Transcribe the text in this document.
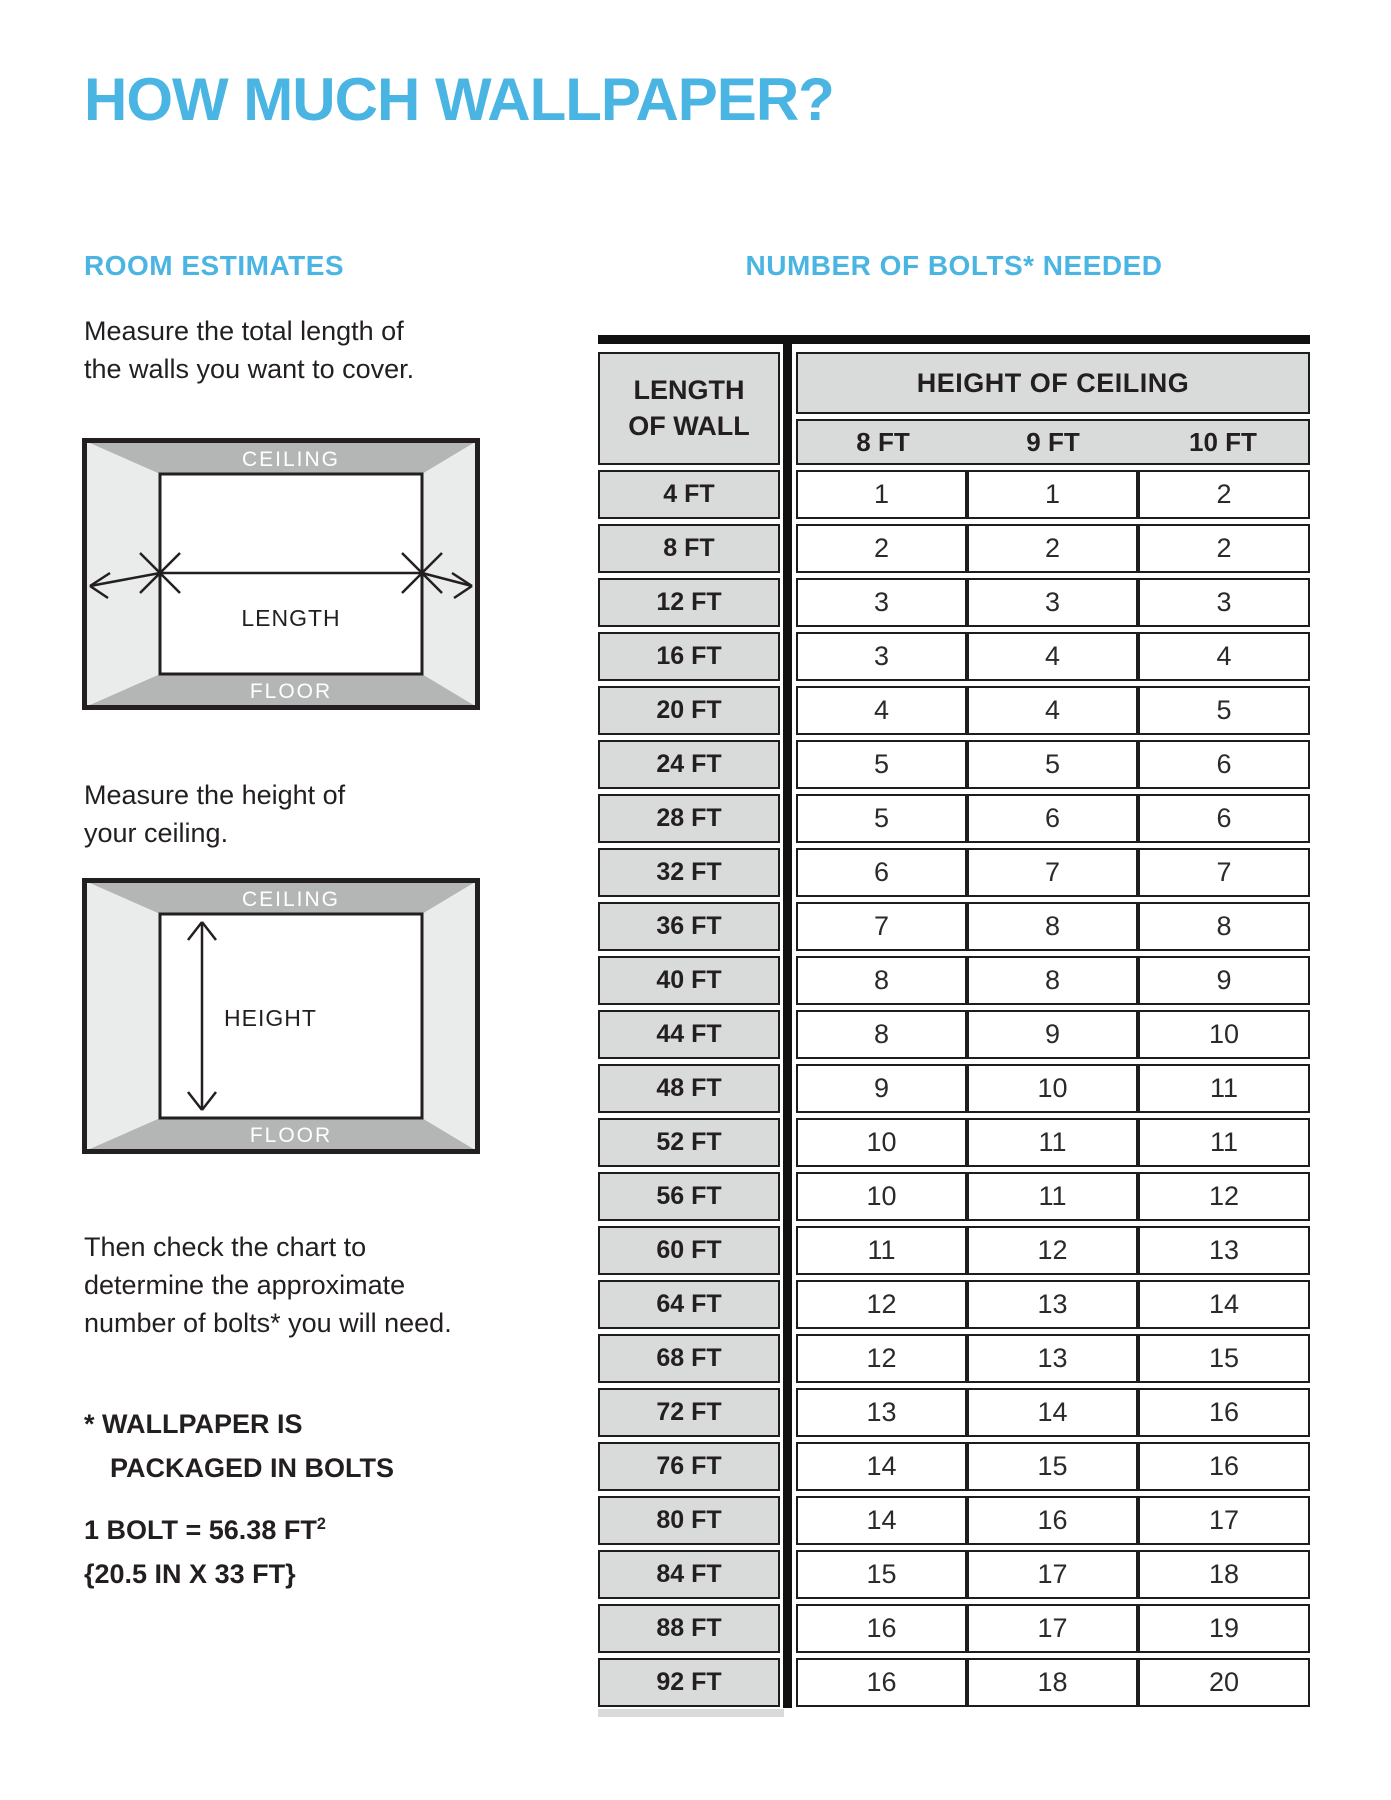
HOW MUCH WALLPAPER?
ROOM ESTIMATES
Measure the total length of
the walls you want to cover.
CEILING
FLOOR
LENGTH
Measure the height of
your ceiling.
CEILING
FLOOR
HEIGHT
Then check the chart to
determine the approximate
number of bolts* you will need.
* WALLPAPER IS
PACKAGED IN BOLTS
1 BOLT = 56.38 $FT^2$
{20.5 IN X 33 FT}
NUMBER OF BOLTS* NEEDED
LENGTH
OF WALL		HEIGHT OF CEILING		

		8 FT 9 FT 10 FT		

4 FT		1	1	2
8 FT		2	2	2
12 FT		3	3	3
16 FT		3	4	4
20 FT		4	4	5
24 FT		5	5	6
28 FT		5	6	6
32 FT		6	7	7
36 FT		7	8	8
40 FT		8	8	9
44 FT		8	9	10
48 FT		9	10	11
52 FT		10	11	11
56 FT		10	11	12
60 FT		11	12	13
64 FT		12	13	14
68 FT		12	13	15
72 FT		13	14	16
76 FT		14	15	16
80 FT		14	16	17
84 FT		15	17	18
88 FT		16	17	19
92 FT		16	18	20
